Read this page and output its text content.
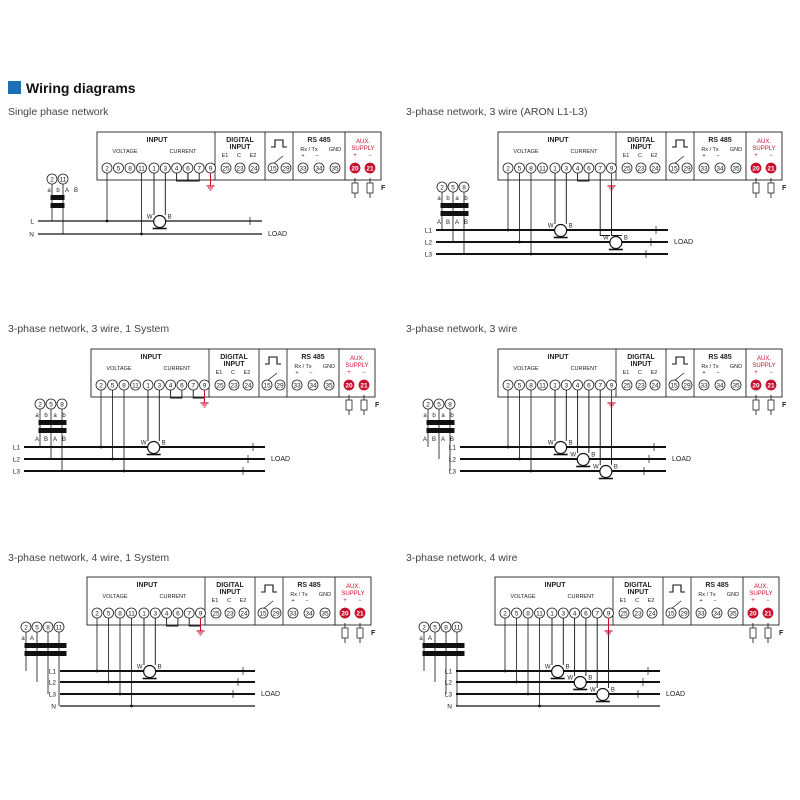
Wiring diagrams
Single phase network	3-phase network, 3 wire (ARON L1-L3)
3-phase network, 3 wire, 1 System	3-phase network, 3 wire
3-phase network, 4 wire, 1 System	3-phase network, 4 wire
INPUT
VOLTAGE	CURRENT
DIGITAL
INPUT
E1 C E2
RS 485
Rx / Tx GND
+ −
AUX.
SUPPLY
+ −
2 5 8 11 1 3 4 6 7 9 25 23 24 15 29 33 34 35 20 21
F
L
N	LOAD
W	B
2 11
a b A B
INPUT
VOLTAGE	CURRENT
DIGITAL
INPUT
E1 C E2
RS 485
Rx / Tx GND
+ −
AUX.
SUPPLY
+ −
2 5 8 11 1 3 4 6 7 9 25 23 24 15 29 33 34 35 20 21
F
L1
L2
L3
LOAD
W	B
W	B
2 5 8
a b a b
A B A B
INPUT
VOLTAGE	CURRENT
DIGITAL
INPUT
E1 C E2
RS 485
Rx / Tx GND
+ −
AUX.
SUPPLY
+ −
2 5 8 11 1 3 4 6 7 9 25 23 24 15 29 33 34 35 20 21
F
L1
L2
L3
LOAD
W	B
2 5 8
a b a b
A B A B
INPUT
VOLTAGE	CURRENT
DIGITAL
INPUT
E1 C E2
RS 485
Rx / Tx GND
+ −
AUX.
SUPPLY
+ −
2 5 8 11 1 3 4 6 7 9 25 23 24 15 29 33 34 35 20 21
F
L1
L2
L3
LOAD
W	B
W	B
W	B
2 5 8
a b a b
A B A B
INPUT
VOLTAGE	CURRENT
DIGITAL
INPUT
E1 C E2
RS 485
Rx / Tx GND
+ −
AUX.
SUPPLY
+ −
2 5 8 11 1 3 4 6 7 9 25 23 24 15 29 33 34 35 20 21
F
L1
L2
L3
N
LOAD
W	B
2 5 8 11
a A
INPUT
VOLTAGE	CURRENT
DIGITAL
INPUT
E1 C E2
RS 485
Rx / Tx GND
+ −
AUX.
SUPPLY
+ −
2 5 8 11 1 3 4 6 7 9 25 23 24 15 29 33 34 35 20 21
F
L1
L2
L3
N
LOAD
W	B
W	B
W	B
2 5 8 11
a A
